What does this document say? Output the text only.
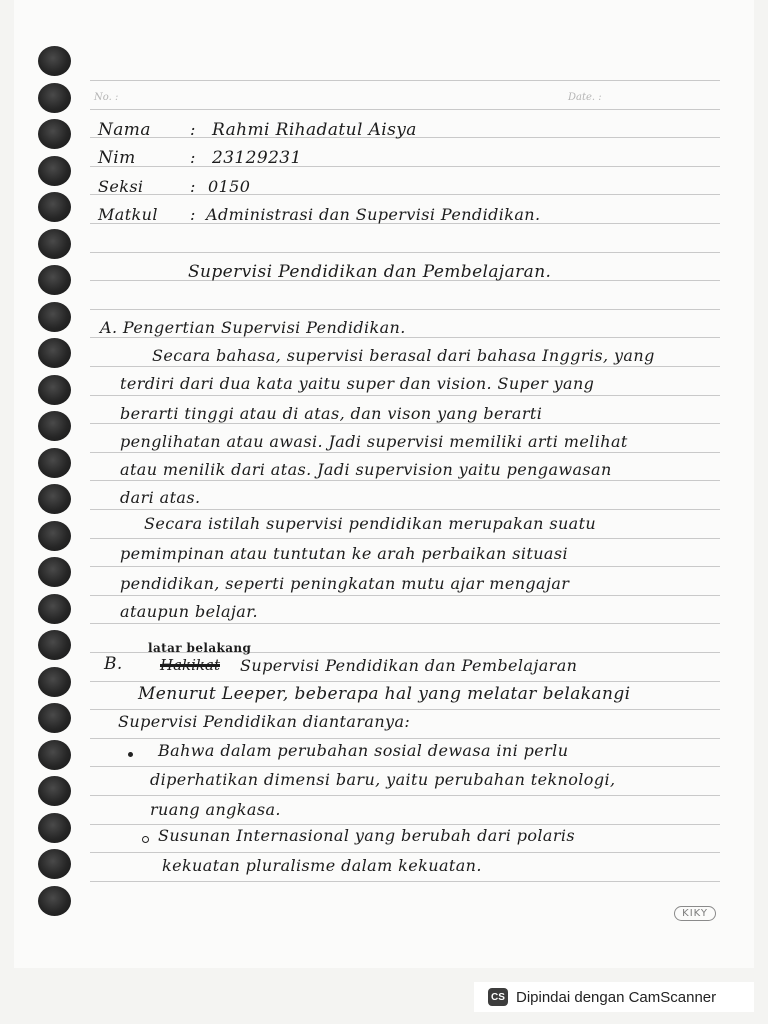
No. :	Date. :
Nama : Rahmi Rihadatul Aisya
Nim	: 23129231
Seksi	: 0150
Matkul : Administrasi dan Supervisi Pendidikan.
Supervisi Pendidikan dan Pembelajaran.
A. Pengertian Supervisi Pendidikan.
Secara bahasa, supervisi berasal dari bahasa Inggris, yang
terdiri dari dua kata yaitu super dan vision. Super yang
berarti tinggi atau di atas, dan vison yang berarti
penglihatan atau awasi. Jadi supervisi memiliki arti melihat
atau menilik dari atas. Jadi supervision yaitu pengawasan
dari atas.
Secara istilah supervisi pendidikan merupakan suatu
pemimpinan atau tuntutan ke arah perbaikan situasi
pendidikan, seperti peningkatan mutu ajar mengajar
ataupun belajar.
latar belakang
B. Hakikat Supervisi Pendidikan dan Pembelajaran
Menurut Leeper, beberapa hal yang melatar belakangi
Supervisi Pendidikan diantaranya:
Bahwa dalam perubahan sosial dewasa ini perlu
diperhatikan dimensi baru, yaitu perubahan teknologi,
ruang angkasa.
Susunan Internasional yang berubah dari polaris
kekuatan pluralisme dalam kekuatan.
KIKY
CS Dipindai dengan CamScanner
